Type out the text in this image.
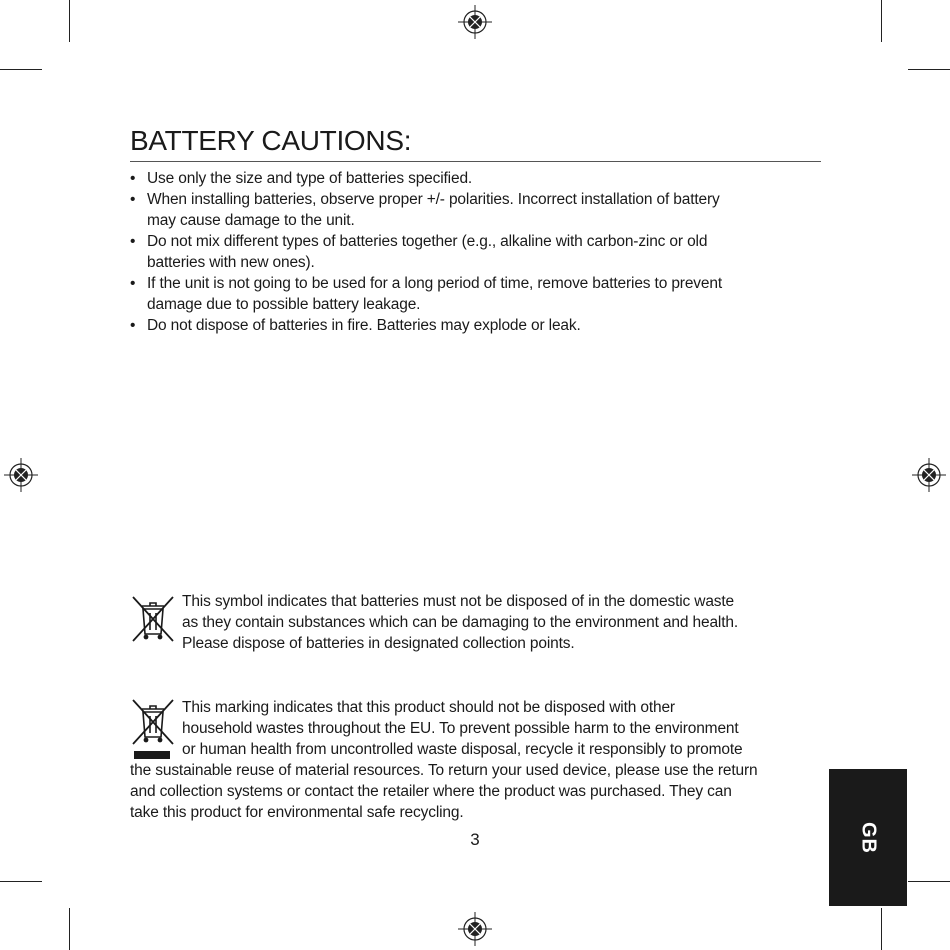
BATTERY CAUTIONS:
• Use only the size and type of batteries specified.
• When installing batteries, observe proper +/- polarities. Incorrect installation of battery
may cause damage to the unit.
• Do not mix different types of batteries together (e.g., alkaline with carbon-zinc or old
batteries with new ones).
• If the unit is not going to be used for a long period of time, remove batteries to prevent
damage due to possible battery leakage.
• Do not dispose of batteries in fire. Batteries may explode or leak.
This symbol indicates that batteries must not be disposed of in the domestic waste
as they contain substances which can be damaging to the environment and health.
Please dispose of batteries in designated collection points.
This marking indicates that this product should not be disposed with other
household wastes throughout the EU. To prevent possible harm to the environment
or human health from uncontrolled waste disposal, recycle it responsibly to promote
the sustainable reuse of material resources. To return your used device, please use the return
and collection systems or contact the retailer where the product was purchased. They can
take this product for environmental safe recycling.
3	GB
